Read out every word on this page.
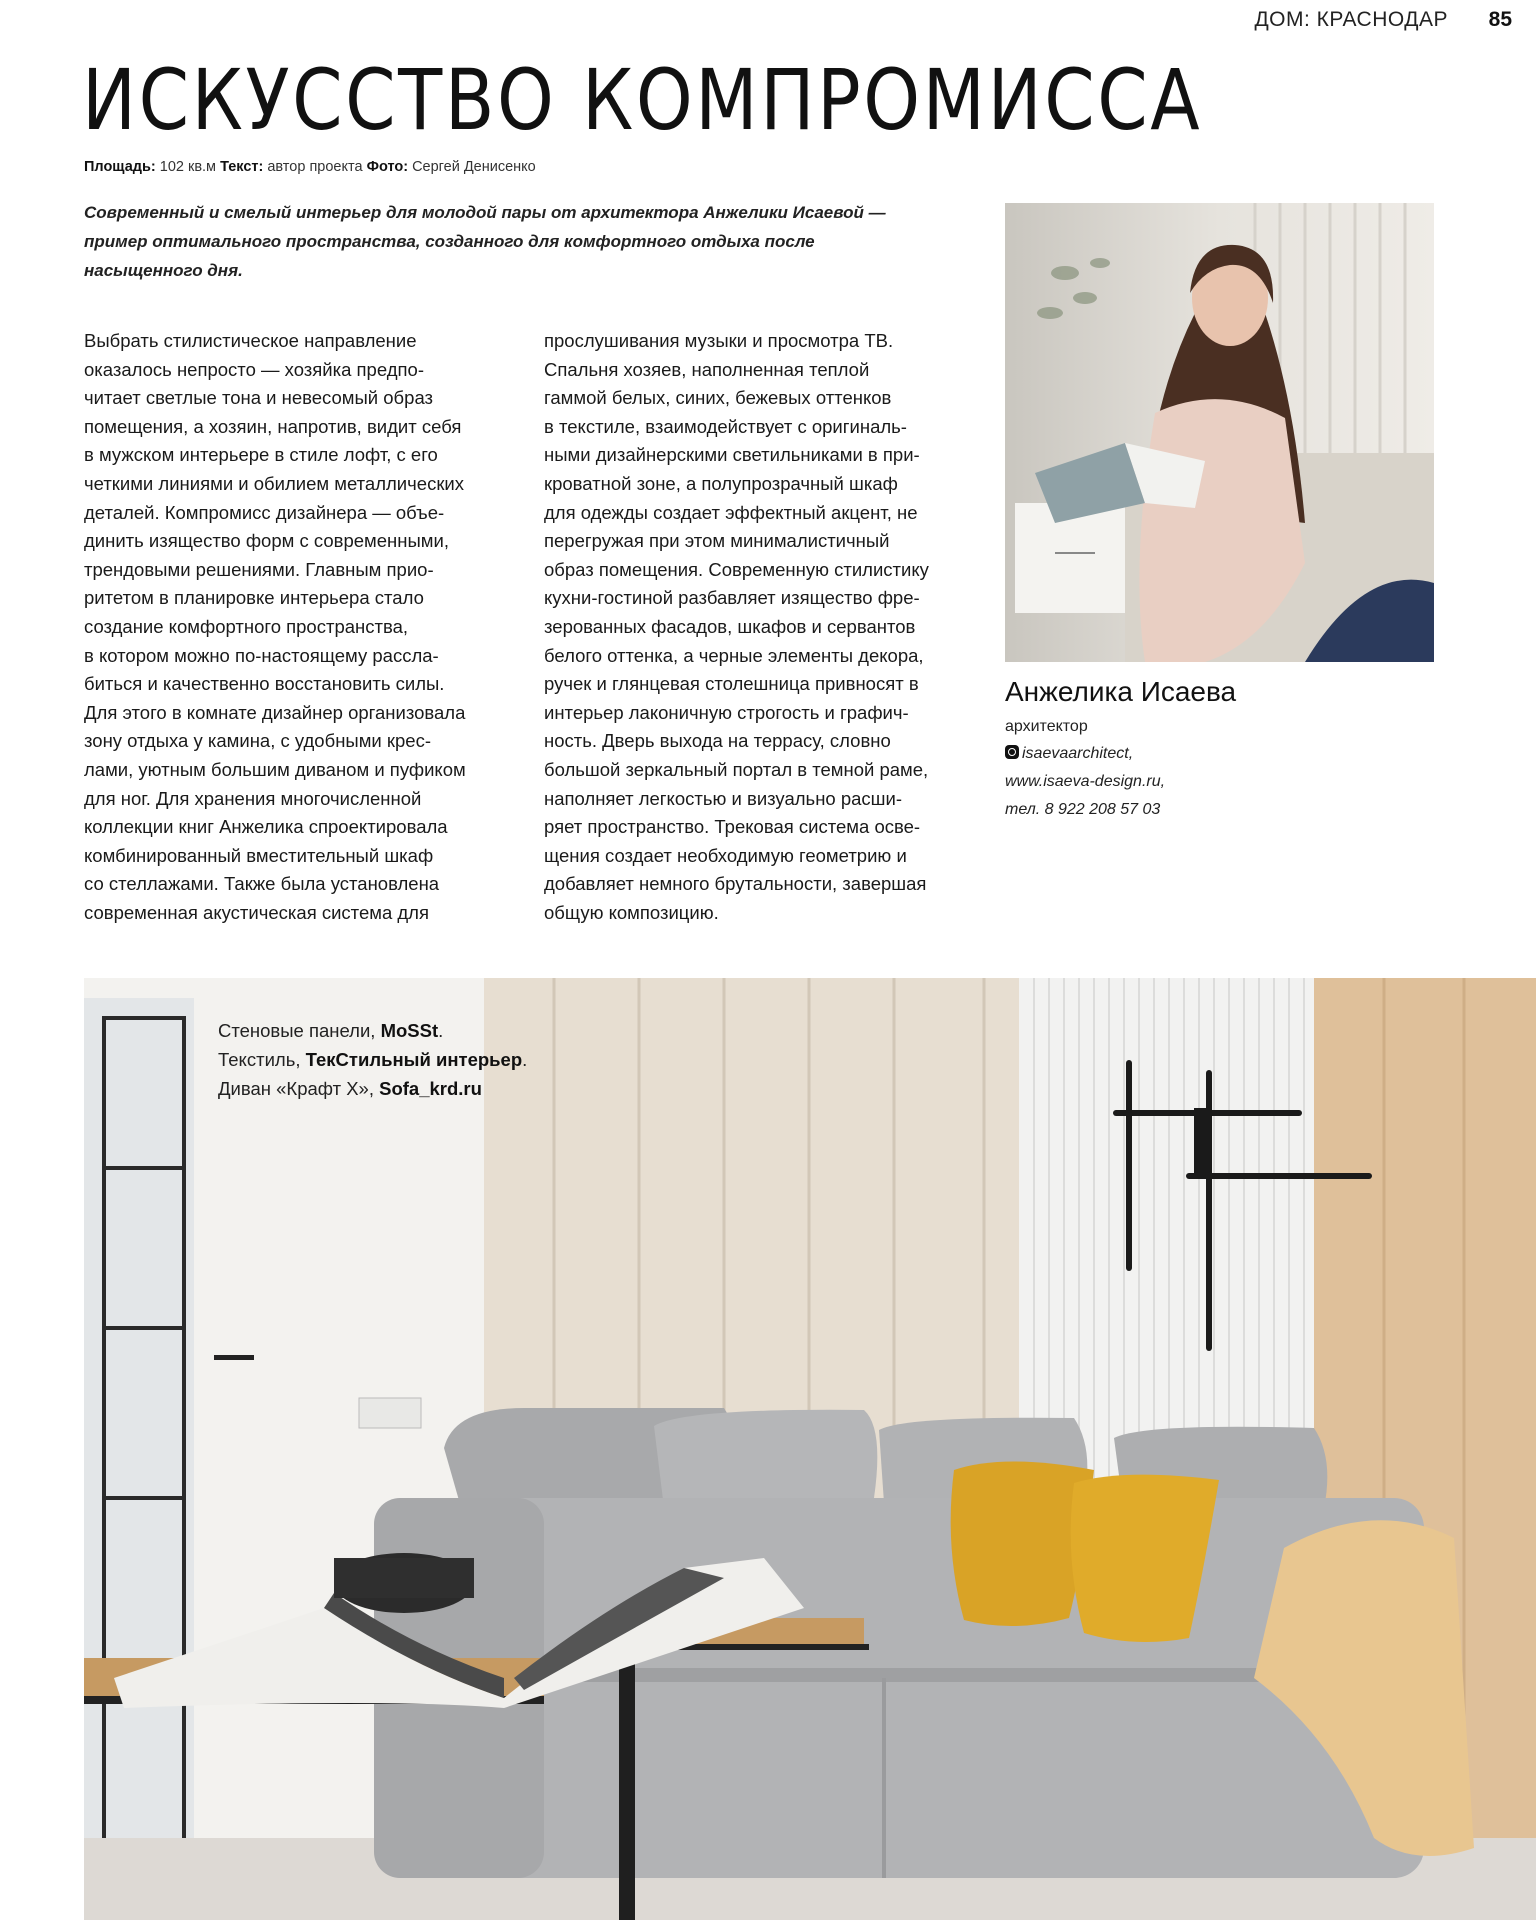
ДОМ: КРАСНОДАР 85
ИСКУССТВО КОМПРОМИССА
Площадь: 102 кв.м Текст: автор проекта Фото: Сергей Денисенко
Современный и смелый интерьер для молодой пары от архитектора Анжелики Исаевой —
пример оптимального пространства, созданного для комфортного отдыха после
насыщенного дня.

Выбрать стилистическое направление

оказалось непросто — хозяйка предпо-

читает светлые тона и невесомый образ

помещения, а хозяин, напротив, видит себя

в мужском интерьере в стиле лофт, с его

четкими линиями и обилием металлических

деталей. Компромисс дизайнера — объе-

динить изящество форм с современными,

трендовыми решениями. Главным прио-

ритетом в планировке интерьера стало

создание комфортного пространства,

в котором можно по-настоящему рассла-

биться и качественно восстановить силы.

Для этого в комнате дизайнер организовала

зону отдыха у камина, с удобными крес-

лами, уютным большим диваном и пуфиком

для ног. Для хранения многочисленной

коллекции книг Анжелика спроектировала

комбинированный вместительный шкаф

со стеллажами. Также была установлена

современная акустическая система для

прослушивания музыки и просмотра ТВ.

Спальня хозяев, наполненная теплой

гаммой белых, синих, бежевых оттенков

в текстиле, взаимодействует с оригиналь-

ными дизайнерскими светильниками в при-

кроватной зоне, а полупрозрачный шкаф

для одежды создает эффектный акцент, не

перегружая при этом минималистичный

образ помещения. Современную стилистику

кухни-гостиной разбавляет изящество фре-

зерованных фасадов, шкафов и сервантов

белого оттенка, а черные элементы декора,

ручек и глянцевая столешница привносят в

интерьер лаконичную строгость и графич-

ность. Дверь выхода на террасу, словно

большой зеркальный портал в темной раме,

наполняет легкостью и визуально расши-

ряет пространство. Трековая система осве-

щения создает необходимую геометрию и

добавляет немного брутальности, завершая

общую композицию.

Анжелика Исаева
архитектор
isaevaarchitect,
www.isaeva-design.ru,
тел. 8 922 208 57 03
Стеновые панели, MoSSt.
Текстиль, ТекСтильный интерьер.
Диван «Крафт Х», Sofa_krd.ru
